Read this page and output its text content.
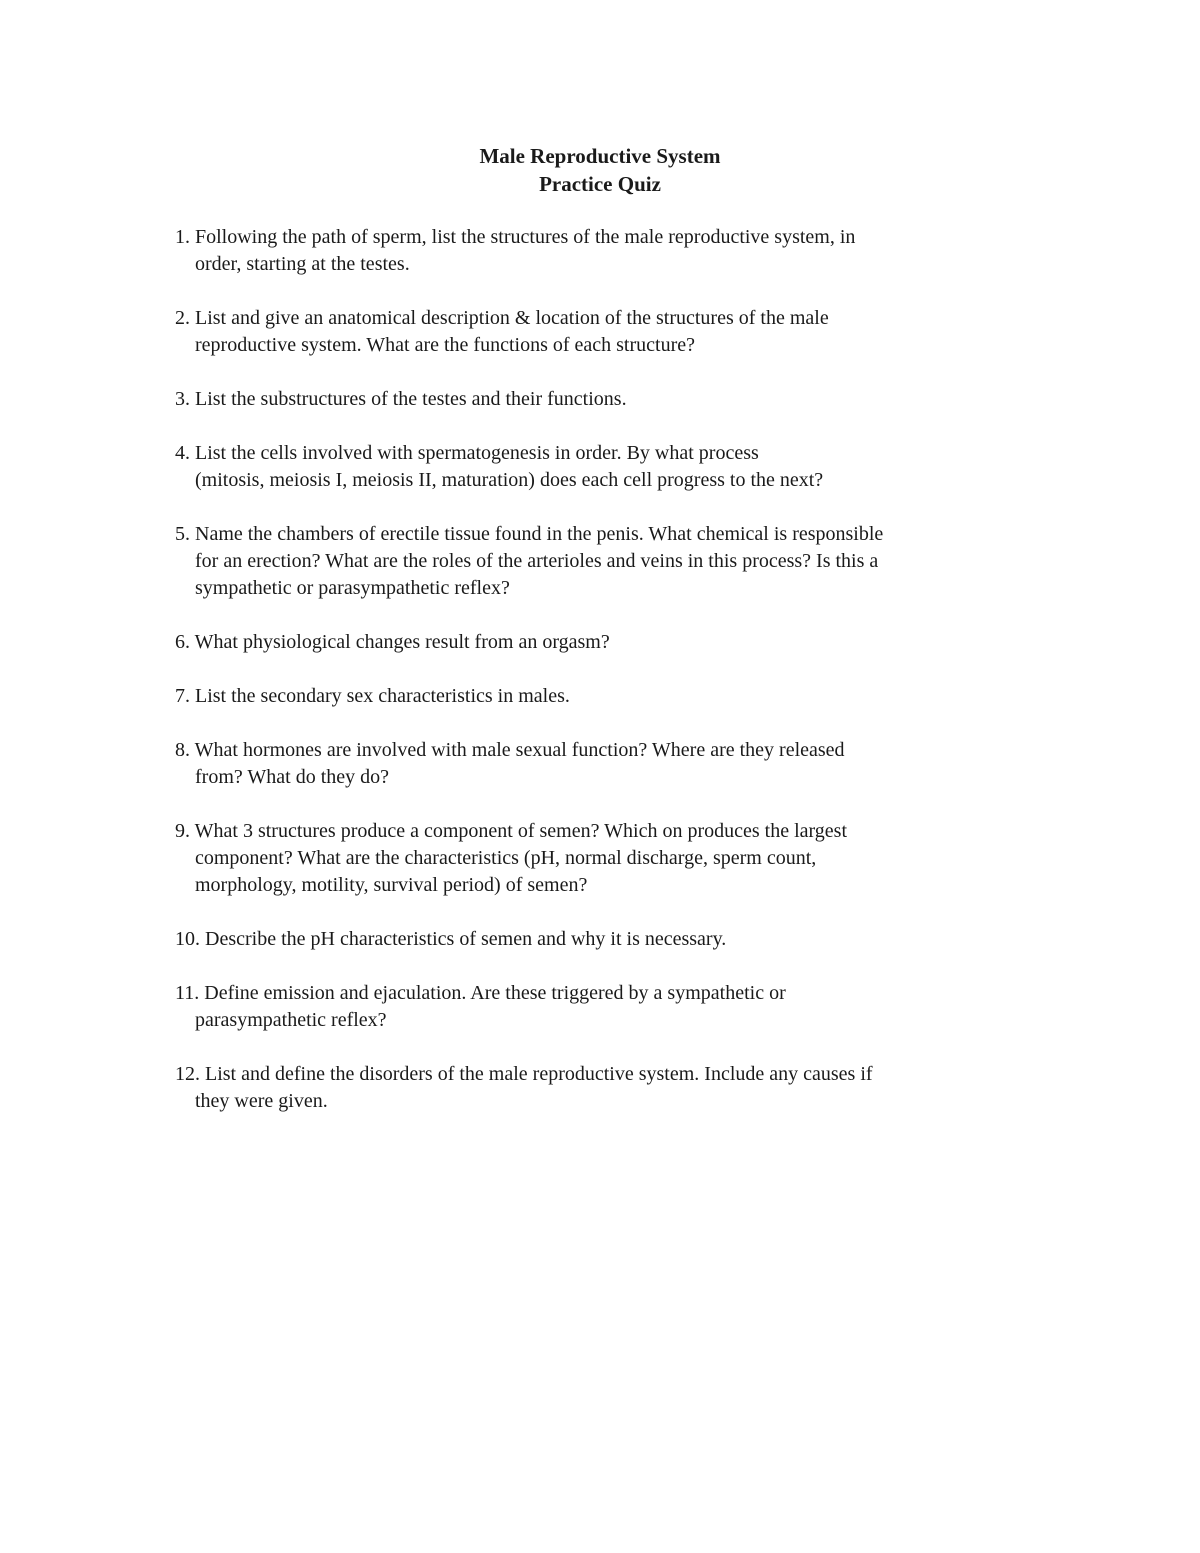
Male Reproductive System
Practice Quiz
1. Following the path of sperm, list the structures of the male reproductive system, in
order, starting at the testes.
2. List and give an anatomical description & location of the structures of the male
reproductive system. What are the functions of each structure?
3. List the substructures of the testes and their functions.
4. List the cells involved with spermatogenesis in order. By what process
(mitosis, meiosis I, meiosis II, maturation) does each cell progress to the next?
5. Name the chambers of erectile tissue found in the penis. What chemical is responsible
for an erection? What are the roles of the arterioles and veins in this process? Is this a
sympathetic or parasympathetic reflex?
6. What physiological changes result from an orgasm?
7. List the secondary sex characteristics in males.
8. What hormones are involved with male sexual function? Where are they released
from? What do they do?
9. What 3 structures produce a component of semen? Which on produces the largest
component? What are the characteristics (pH, normal discharge, sperm count,
morphology, motility, survival period) of semen?
10. Describe the pH characteristics of semen and why it is necessary.
11. Define emission and ejaculation. Are these triggered by a sympathetic or
parasympathetic reflex?
12. List and define the disorders of the male reproductive system. Include any causes if
they were given.
